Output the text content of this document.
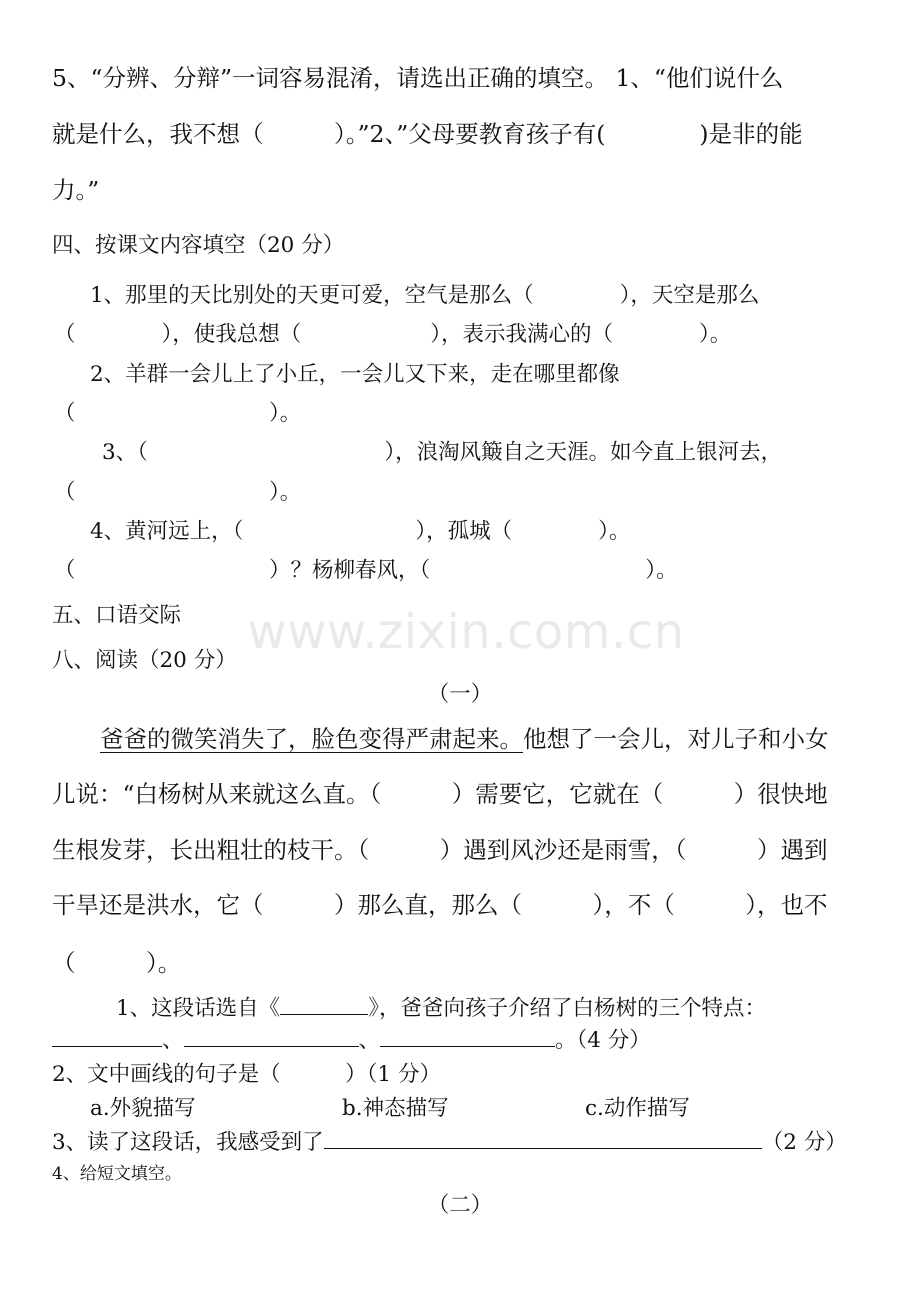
5、“分辨、分辩”一词容易混淆，请选出正确的填空。 1、“他们说什么
就是什么，我不想（　　　）。”2、”父母要教育孩子有(　　　　)是非的能
力。”
四、按课文内容填空（20 分）
1、那里的天比别处的天更可爱，空气是那么（　　　　），天空是那么
（　　　　），使我总想（　　　　　　），表示我满心的（　　　　）。
2、羊群一会儿上了小丘，一会儿又下来，走在哪里都像
（　　　　　　　　　）。
3、（　　　　　　　　　　　），浪淘风簸自之天涯。如今直上银河去，
（　　　　　　　　　）。
4、黄河远上，（　　　　　　　　），孤城（　　　　）。
（　　　　　　　　　）？杨柳春风，（　　　　　　　　　　）。
五、口语交际
八、阅读（20 分）
（一）
爸爸的微笑消失了，脸色变得严肃起来。他想了一会儿，对儿子和小女
儿说：“白杨树从来就这么直。（　　　）需要它，它就在（　　　）很快地
生根发芽，长出粗壮的枝干。（　　　）遇到风沙还是雨雪，（　　　）遇到
干旱还是洪水，它（　　　）那么直，那么（　　　），不（　　　），也不
（　　　）。
1、这段话选自《	》，爸爸向孩子介绍了白杨树的三个特点：
、	、	。（4 分）
2、文中画线的句子是（　　　）（1 分）
a.外貌描写	b.神态描写	c.动作描写
3、读了这段话，我感受到了	（2 分）
4、给短文填空。
（二）
www.zixin.com.cn
